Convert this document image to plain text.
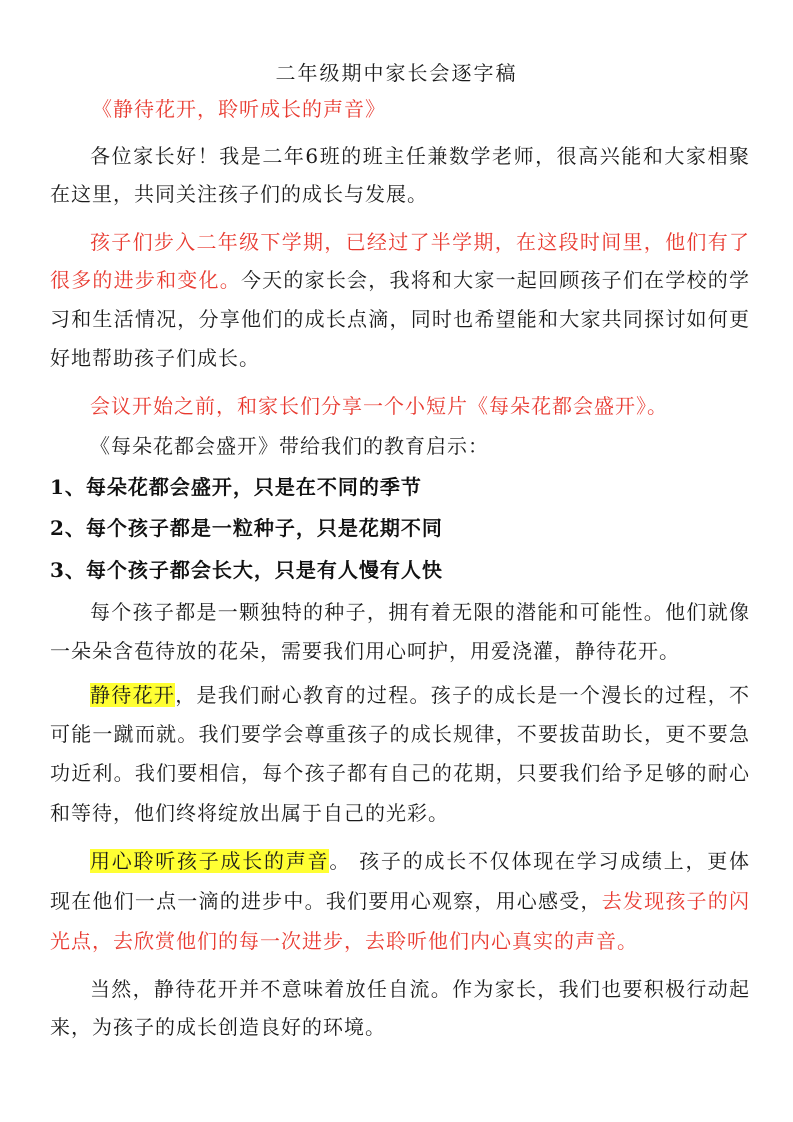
二年级期中家长会逐字稿
《静待花开，聆听成长的声音》
各位家长好！我是二年6班的班主任兼数学老师，很高兴能和大家相聚
在这里，共同关注孩子们的成长与发展。
孩子们步入二年级下学期，已经过了半学期，在这段时间里，他们有了
很多的进步和变化。今天的家长会，我将和大家一起回顾孩子们在学校的学
习和生活情况，分享他们的成长点滴，同时也希望能和大家共同探讨如何更
好地帮助孩子们成长。
会议开始之前，和家长们分享一个小短片《每朵花都会盛开》。
《每朵花都会盛开》带给我们的教育启示：
1、每朵花都会盛开，只是在不同的季节
2、每个孩子都是一粒种子，只是花期不同
3、每个孩子都会长大，只是有人慢有人快
每个孩子都是一颗独特的种子，拥有着无限的潜能和可能性。他们就像
一朵朵含苞待放的花朵，需要我们用心呵护，用爱浇灌，静待花开。
静待花开，是我们耐心教育的过程。孩子的成长是一个漫长的过程，不
可能一蹴而就。我们要学会尊重孩子的成长规律，不要拔苗助长，更不要急
功近利。我们要相信，每个孩子都有自己的花期，只要我们给予足够的耐心
和等待，他们终将绽放出属于自己的光彩。
用心聆听孩子成长的声音。 孩子的成长不仅体现在学习成绩上，更体
现在他们一点一滴的进步中。我们要用心观察，用心感受，去发现孩子的闪
光点，去欣赏他们的每一次进步，去聆听他们内心真实的声音。
当然，静待花开并不意味着放任自流。作为家长，我们也要积极行动起
来，为孩子的成长创造良好的环境。
